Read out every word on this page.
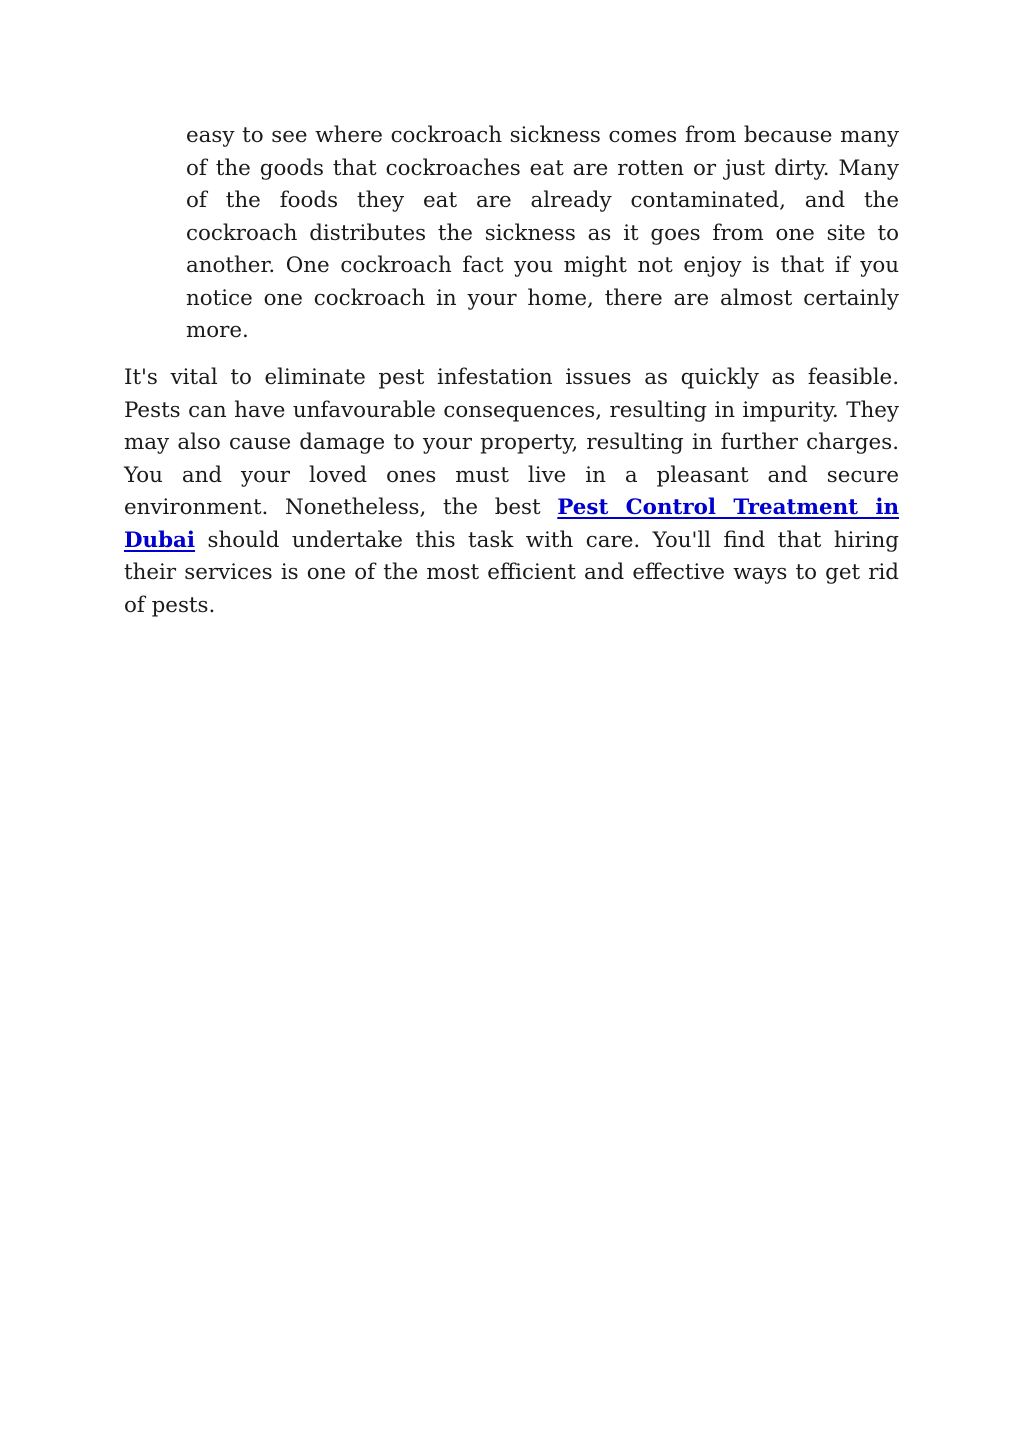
easy to see where cockroach sickness comes from because many of the goods that cockroaches eat are rotten or just dirty. Many of the foods they eat are already contaminated, and the cockroach distributes the sickness as it goes from one site to another. One cockroach fact you might not enjoy is that if you notice one cockroach in your home, there are almost certainly more.

It's vital to eliminate pest infestation issues as quickly as feasible. Pests can have unfavourable consequences, resulting in impurity. They may also cause damage to your property, resulting in further charges. You and your loved ones must live in a pleasant and secure environment. Nonetheless, the best Pest Control Treatment in Dubai should undertake this task with care. You'll find that hiring their services is one of the most efficient and effective ways to get rid of pests.
